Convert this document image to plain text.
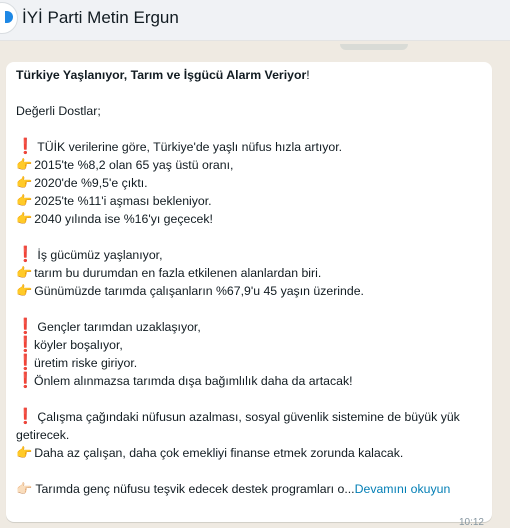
İYİ Parti Metin Ergun
Türkiye Yaşlanıyor, Tarım ve İşgücü Alarm Veriyor!
Değerli Dostlar;
❗ TÜİK verilerine göre, Türkiye'de yaşlı nüfus hızla artıyor.
👉 2015'te %8,2 olan 65 yaş üstü oranı,
👉 2020'de %9,5'e çıktı.
👉 2025'te %11'i aşması bekleniyor.
👉 2040 yılında ise %16'yı geçecek!
❗ İş gücümüz yaşlanıyor,
👉 tarım bu durumdan en fazla etkilenen alanlardan biri.
👉 Günümüzde tarımda çalışanların %67,9'u 45 yaşın üzerinde.
❗ Gençler tarımdan uzaklaşıyor,
❗köyler boşalıyor,
❗üretim riske giriyor.
❗Önlem alınmazsa tarımda dışa bağımlılık daha da artacak!
❗ Çalışma çağındaki nüfusun azalması, sosyal güvenlik sistemine de büyük yük getirecek.
👉 Daha az çalışan, daha çok emekliyi finanse etmek zorunda kalacak.
👉🏻 Tarımda genç nüfusu teşvik edecek destek programları o...Devamını okuyun
10:12
